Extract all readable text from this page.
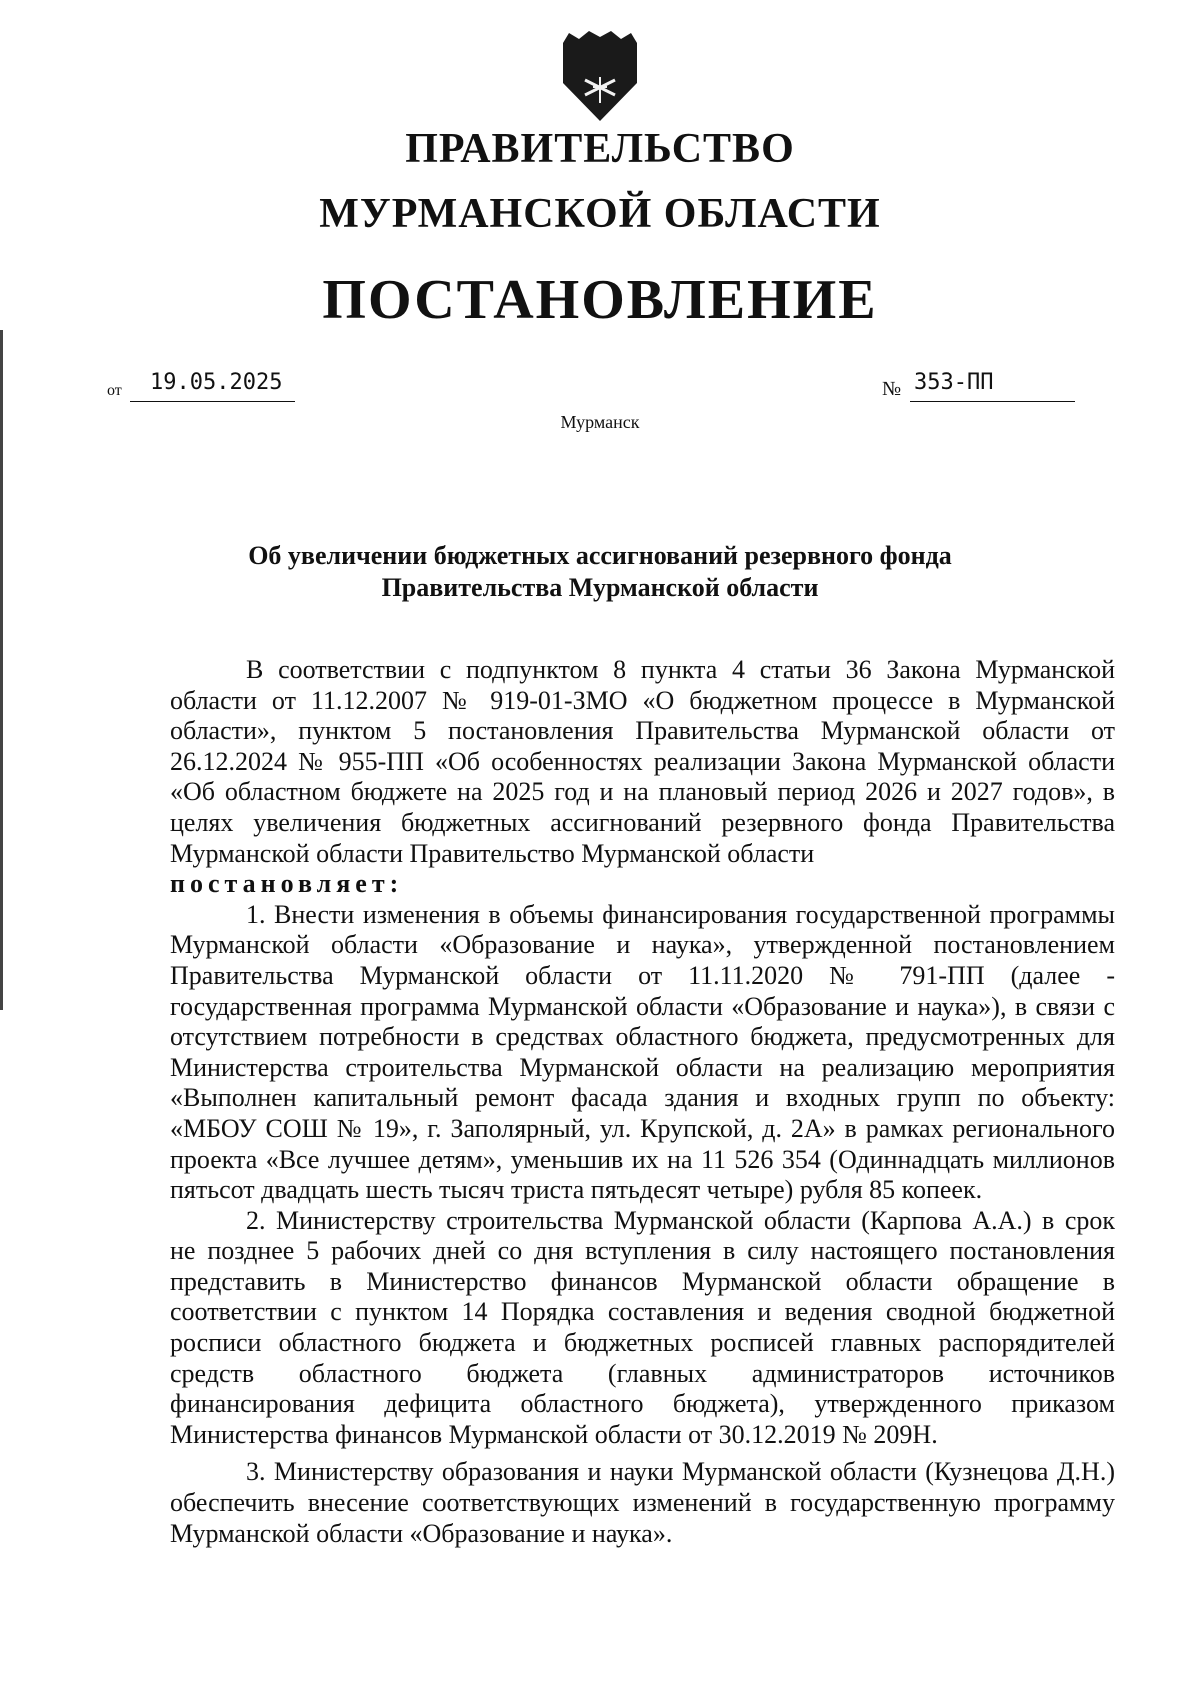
ПРАВИТЕЛЬСТВО
МУРМАНСКОЙ ОБЛАСТИ
ПОСТАНОВЛЕНИЕ
от	19.05.2025	№ 353-ПП
Мурманск
Об увеличении бюджетных ассигнований резервного фонда
Правительства Мурманской области

В соответствии с подпунктом 8 пункта 4 статьи 36 Закона Мурманской области от 11.12.2007 № 919-01-ЗМО «О бюджетном процессе в Мурманской области», пунктом 5 постановления Правительства Мурманской области от 26.12.2024 № 955-ПП «Об особенностях реализации Закона Мурманской области «Об областном бюджете на 2025 год и на плановый период 2026 и 2027 годов», в целях увеличения бюджетных ассигнований резервного фонда Правительства Мурманской области Правительство Мурманской области
постановляет:

1. Внести изменения в объемы финансирования государственной программы Мурманской области «Образование и наука», утвержденной постановлением Правительства Мурманской области от 11.11.2020 № 791-ПП (далее - государственная программа Мурманской области «Образование и наука»), в связи с отсутствием потребности в средствах областного бюджета, предусмотренных для Министерства строительства Мурманской области на реализацию мероприятия «Выполнен капитальный ремонт фасада здания и входных групп по объекту: «МБОУ СОШ № 19», г. Заполярный, ул. Крупской, д. 2А» в рамках регионального проекта «Все лучшее детям», уменьшив их на 11 526 354 (Одиннадцать миллионов пятьсот двадцать шесть тысяч триста пятьдесят четыре) рубля 85 копеек.

2. Министерству строительства Мурманской области (Карпова А.А.) в срок не позднее 5 рабочих дней со дня вступления в силу настоящего постановления представить в Министерство финансов Мурманской области обращение в соответствии с пунктом 14 Порядка составления и ведения сводной бюджетной росписи областного бюджета и бюджетных росписей главных распорядителей средств областного бюджета (главных администраторов источников финансирования дефицита областного бюджета), утвержденного приказом Министерства финансов Мурманской области от 30.12.2019 № 209Н.

3. Министерству образования и науки Мурманской области (Кузнецова Д.Н.) обеспечить внесение соответствующих изменений в государственную программу Мурманской области «Образование и наука».
